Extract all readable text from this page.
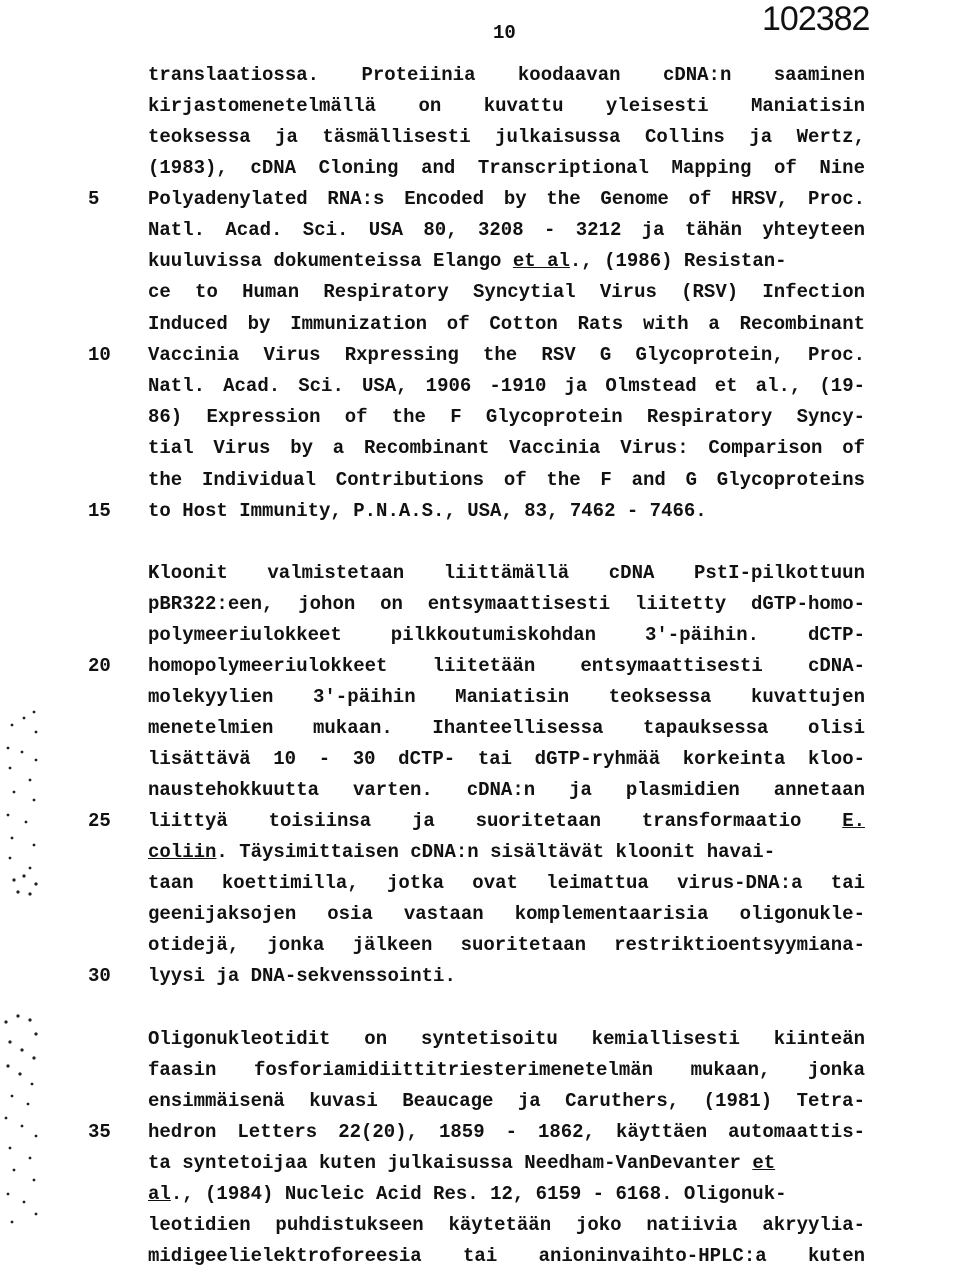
10	102382
5
10
15
20
25
30
35
translaatiossa. Proteiinia koodaavan cDNA:n saaminen
kirjastomenetelmällä on kuvattu yleisesti Maniatisin
teoksessa ja täsmällisesti julkaisussa Collins ja Wertz,
(1983), cDNA Cloning and Transcriptional Mapping of Nine
Polyadenylated RNA:s Encoded by the Genome of HRSV, Proc.
Natl. Acad. Sci. USA 80, 3208 - 3212 ja tähän yhteyteen
kuuluvissa dokumenteissa Elango et al., (1986) Resistan-
ce to Human Respiratory Syncytial Virus (RSV) Infection
Induced by Immunization of Cotton Rats with a Recombinant
Vaccinia Virus Rxpressing the RSV G Glycoprotein, Proc.
Natl. Acad. Sci. USA, 1906 -1910 ja Olmstead et al., (19-
86) Expression of the F Glycoprotein Respiratory Syncy-
tial Virus by a Recombinant Vaccinia Virus: Comparison of
the Individual Contributions of the F and G Glycoproteins
to Host Immunity, P.N.A.S., USA, 83, 7462 - 7466.
Kloonit valmistetaan liittämällä cDNA PstI-pilkottuun
pBR322:een, johon on entsymaattisesti liitetty dGTP-homo-
polymeeriulokkeet pilkkoutumiskohdan 3'-päihin. dCTP-
homopolymeeriulokkeet liitetään entsymaattisesti cDNA-
molekyylien 3'-päihin Maniatisin teoksessa kuvattujen
menetelmien mukaan. Ihanteellisessa tapauksessa olisi
lisättävä 10 - 30 dCTP- tai dGTP-ryhmää korkeinta kloo-
naustehokkuutta varten. cDNA:n ja plasmidien annetaan
liittyä toisiinsa ja suoritetaan transformaatio E.
coliin. Täysimittaisen cDNA:n sisältävät kloonit havai-
taan koettimilla, jotka ovat leimattua virus-DNA:a tai
geenijaksojen osia vastaan komplementaarisia oligonukle-
otidejä, jonka jälkeen suoritetaan restriktioentsyymiana-
lyysi ja DNA-sekvenssointi.
Oligonukleotidit on syntetisoitu kemiallisesti kiinteän
faasin fosforiamidiittitriesterimenetelmän mukaan, jonka
ensimmäisenä kuvasi Beaucage ja Caruthers, (1981) Tetra-
hedron Letters 22(20), 1859 - 1862, käyttäen automaattis-
ta syntetoijaa kuten julkaisussa Needham-VanDevanter et
al., (1984) Nucleic Acid Res. 12, 6159 - 6168. Oligonuk-
leotidien puhdistukseen käytetään joko natiivia akryylia-
midigeelielektroforeesia tai anioninvaihto-HPLC:a kuten
